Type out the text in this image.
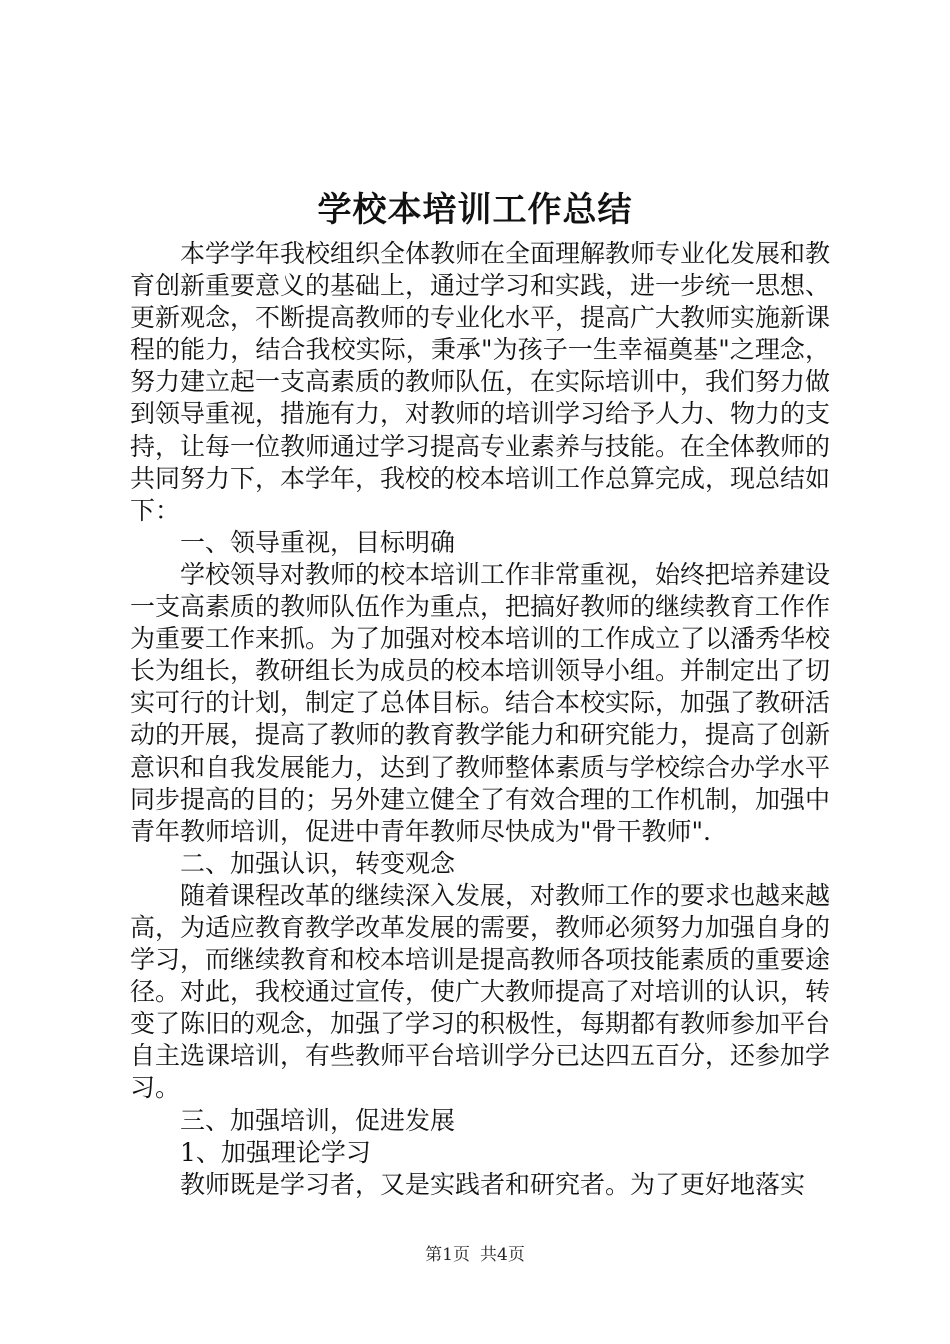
学校本培训工作总结

本学学年我校组织全体教师在全面理解教师专业化发展和教育创新重要意义的基础上，通过学习和实践，进一步统一思想、更新观念，不断提高教师的专业化水平，提高广大教师实施新课程的能力，结合我校实际，秉承"为孩子一生幸福奠基"之理念，努力建立起一支高素质的教师队伍，在实际培训中，我们努力做到领导重视，措施有力，对教师的培训学习给予人力、物力的支持，让每一位教师通过学习提高专业素养与技能。在全体教师的共同努力下，本学年，我校的校本培训工作总算完成，现总结如下：

一、领导重视，目标明确

学校领导对教师的校本培训工作非常重视，始终把培养建设一支高素质的教师队伍作为重点，把搞好教师的继续教育工作作为重要工作来抓。为了加强对校本培训的工作成立了以潘秀华校长为组长，教研组长为成员的校本培训领导小组。并制定出了切实可行的计划，制定了总体目标。结合本校实际，加强了教研活动的开展，提高了教师的教育教学能力和研究能力，提高了创新意识和自我发展能力，达到了教师整体素质与学校综合办学水平同步提高的目的；另外建立健全了有效合理的工作机制，加强中青年教师培训，促进中青年教师尽快成为"骨干教师".

二、加强认识，转变观念

随着课程改革的继续深入发展，对教师工作的要求也越来越高，为适应教育教学改革发展的需要，教师必须努力加强自身的学习，而继续教育和校本培训是提高教师各项技能素质的重要途径。对此，我校通过宣传，使广大教师提高了对培训的认识，转变了陈旧的观念，加强了学习的积极性，每期都有教师参加平台自主选课培训，有些教师平台培训学分已达四五百分，还参加学习。

三、加强培训，促进发展

1、加强理论学习

教师既是学习者，又是实践者和研究者。为了更好地落实

第1页 共4页
